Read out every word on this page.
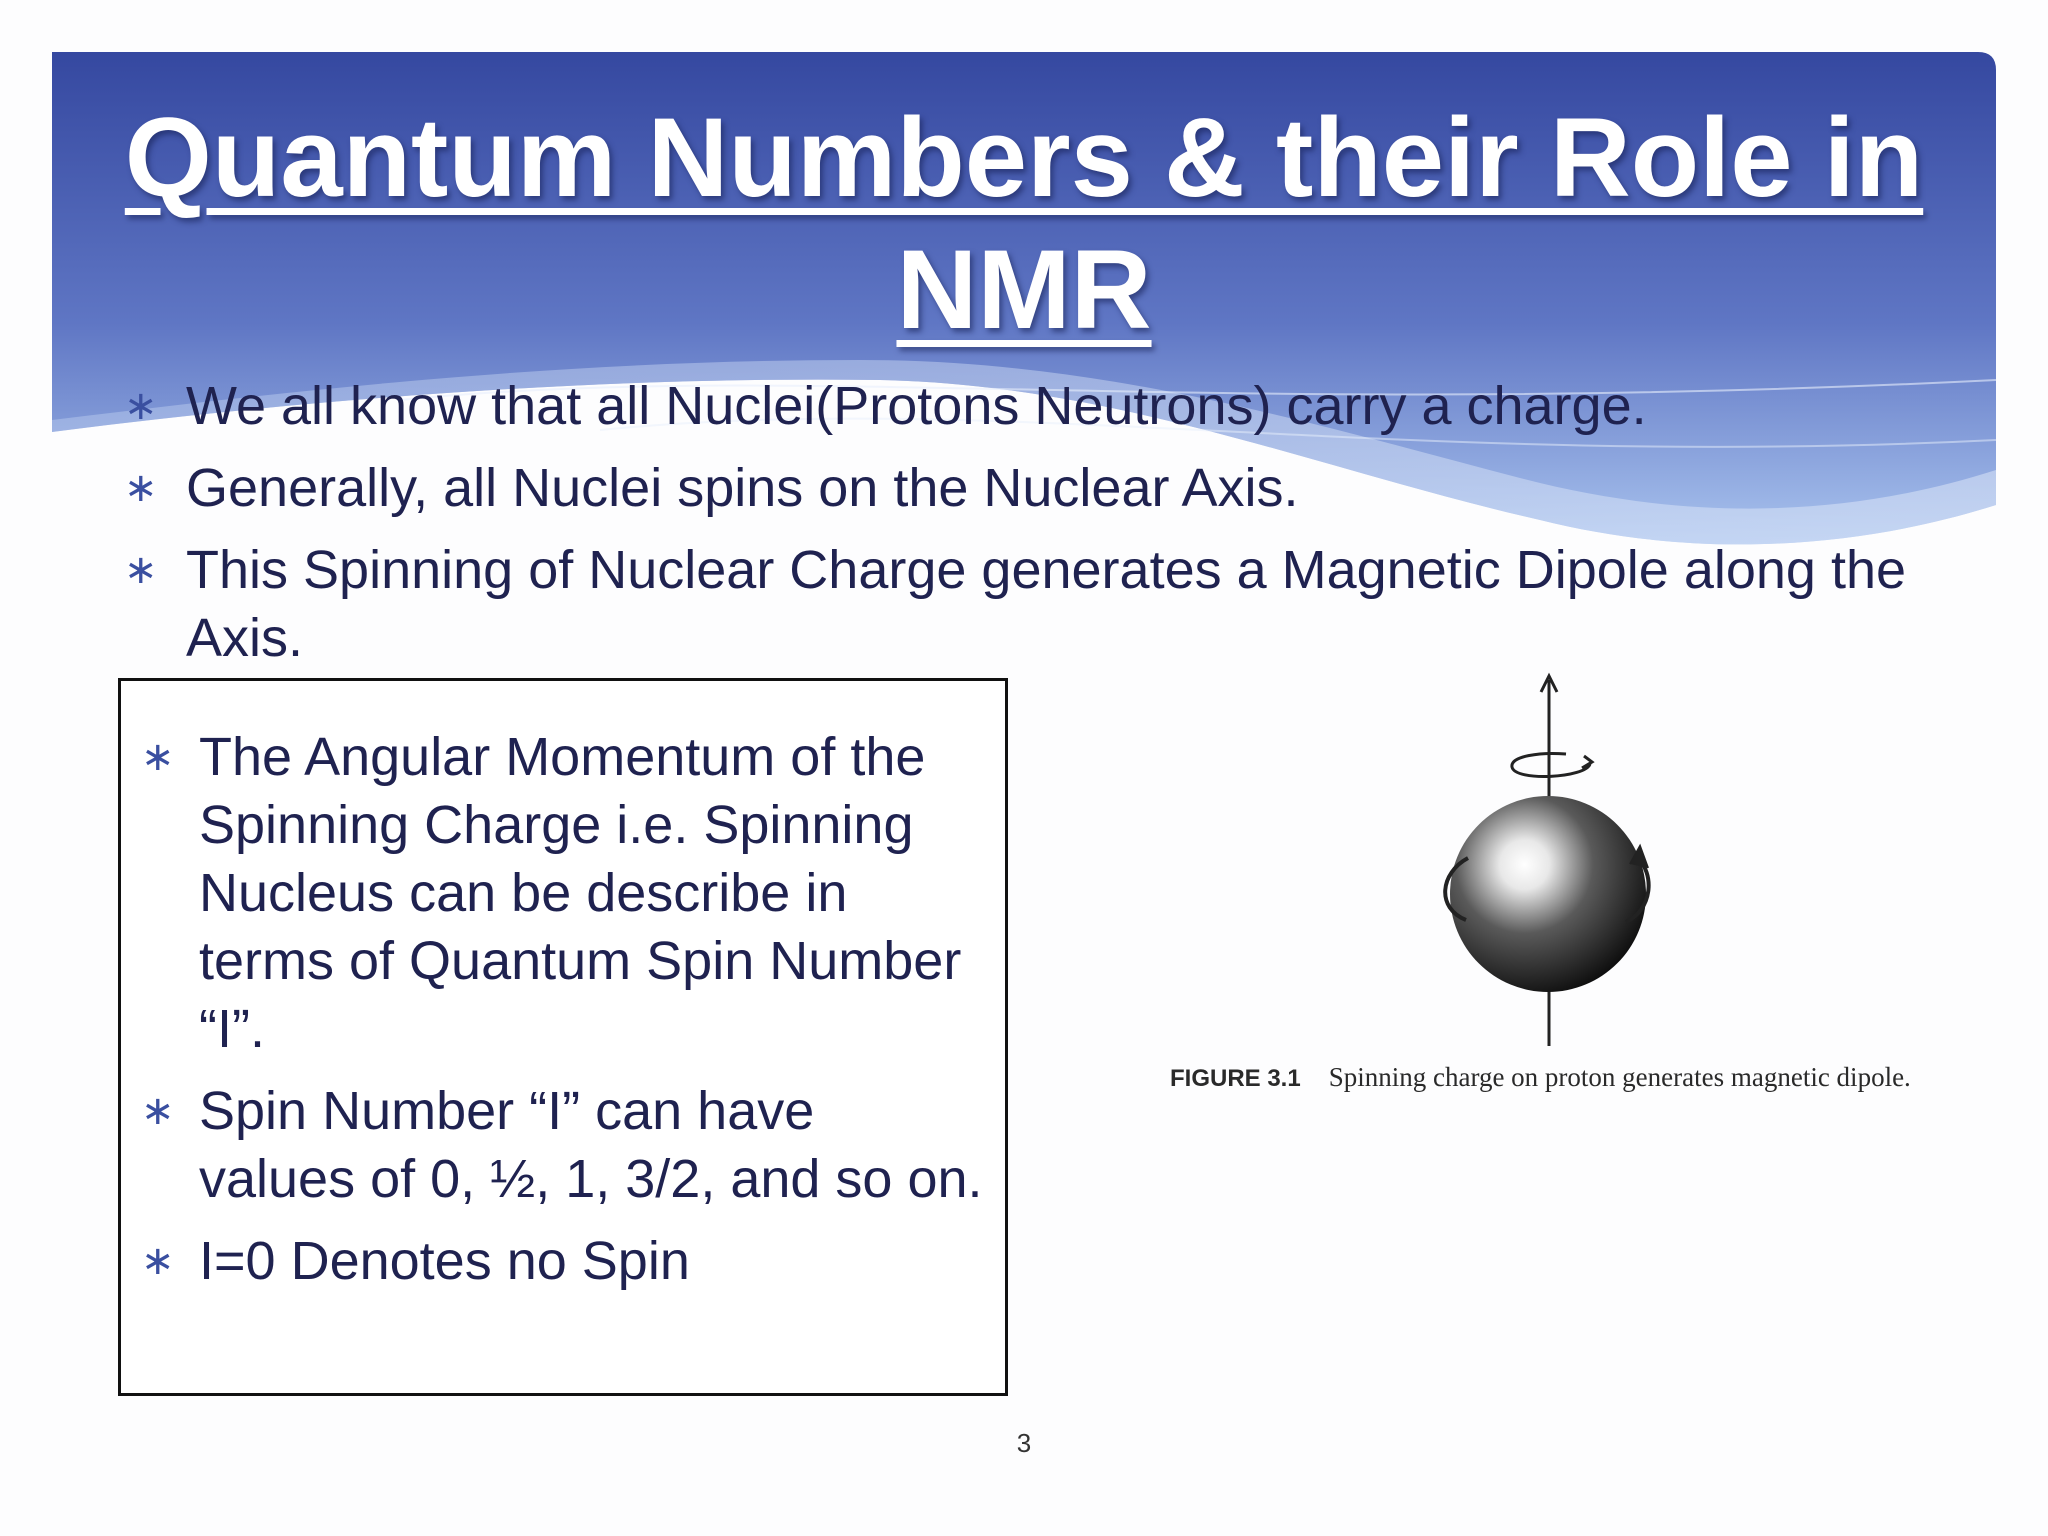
Quantum Numbers & their Role in NMR
∗ We all know that all Nuclei(Protons Neutrons) carry a charge.
∗ Generally, all Nuclei spins on the Nuclear Axis.
∗ This Spinning of Nuclear Charge generates a Magnetic Dipole along the Axis.
∗ The Angular Momentum of the Spinning Charge i.e. Spinning Nucleus can be describe in terms of Quantum Spin Number “I”.
∗ Spin Number “I” can have values of 0, ½, 1, 3/2, and so on.
∗ I=0 Denotes no Spin
FIGURE 3.1 Spinning charge on proton generates magnetic dipole.
3
